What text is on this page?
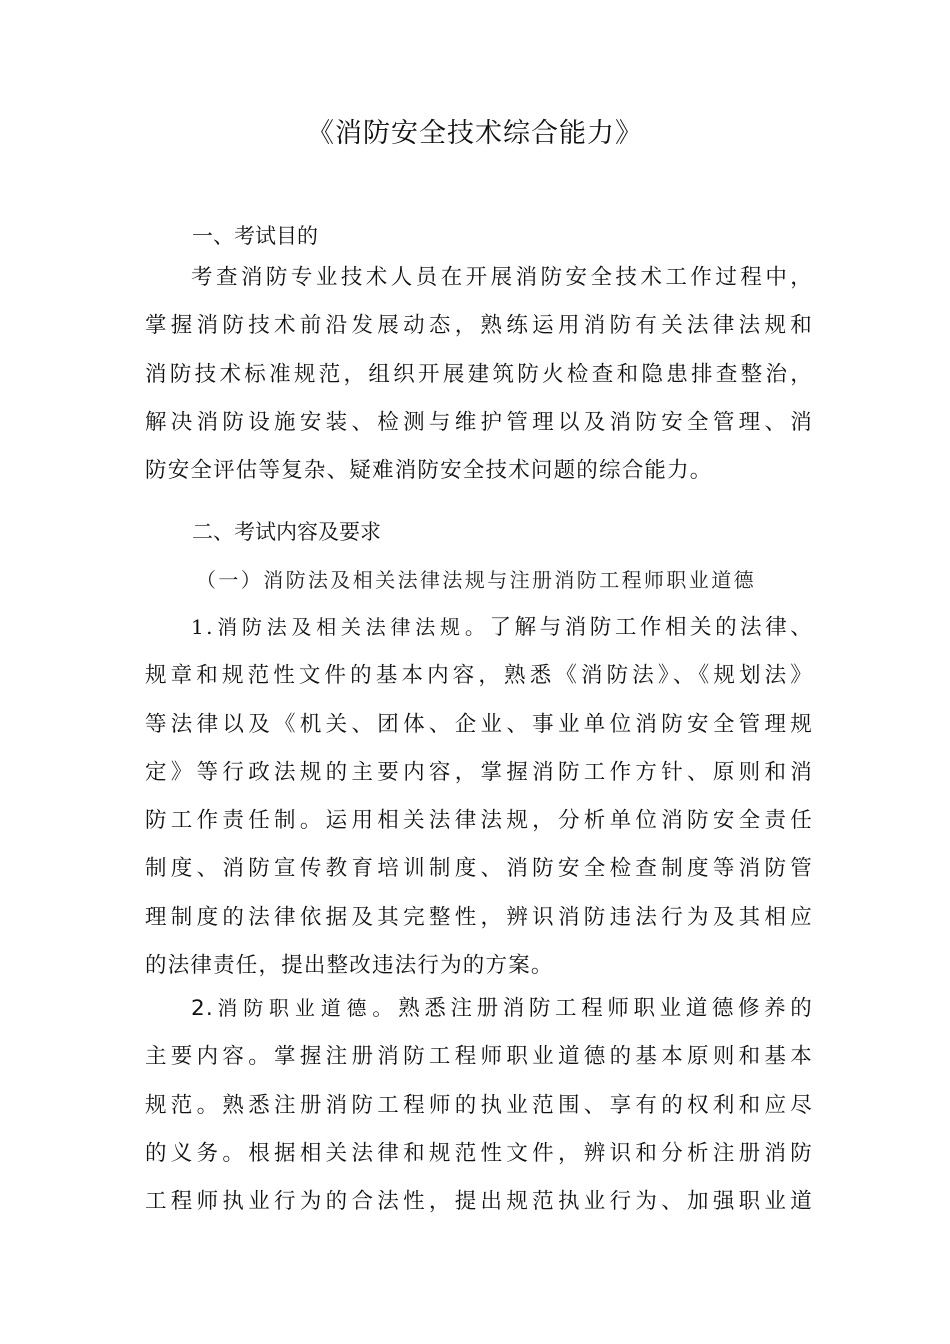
《消防安全技术综合能力》
一、考试目的
考查消防专业技术人员在开展消防安全技术工作过程中，
掌握消防技术前沿发展动态，熟练运用消防有关法律法规和
消防技术标准规范，组织开展建筑防火检查和隐患排查整治，
解决消防设施安装、检测与维护管理以及消防安全管理、消
防安全评估等复杂、疑难消防安全技术问题的综合能力。
二、考试内容及要求
（一）消防法及相关法律法规与注册消防工程师职业道德
1.消防法及相关法律法规。了解与消防工作相关的法律、
规章和规范性文件的基本内容，熟悉《消防法》、《规划法》
等法律以及《机关、团体、企业、事业单位消防安全管理规
定》等行政法规的主要内容，掌握消防工作方针、原则和消
防工作责任制。运用相关法律法规，分析单位消防安全责任
制度、消防宣传教育培训制度、消防安全检查制度等消防管
理制度的法律依据及其完整性，辨识消防违法行为及其相应
的法律责任，提出整改违法行为的方案。
2.消防职业道德。熟悉注册消防工程师职业道德修养的
主要内容。掌握注册消防工程师职业道德的基本原则和基本
规范。熟悉注册消防工程师的执业范围、享有的权利和应尽
的义务。根据相关法律和规范性文件，辨识和分析注册消防
工程师执业行为的合法性，提出规范执业行为、加强职业道
